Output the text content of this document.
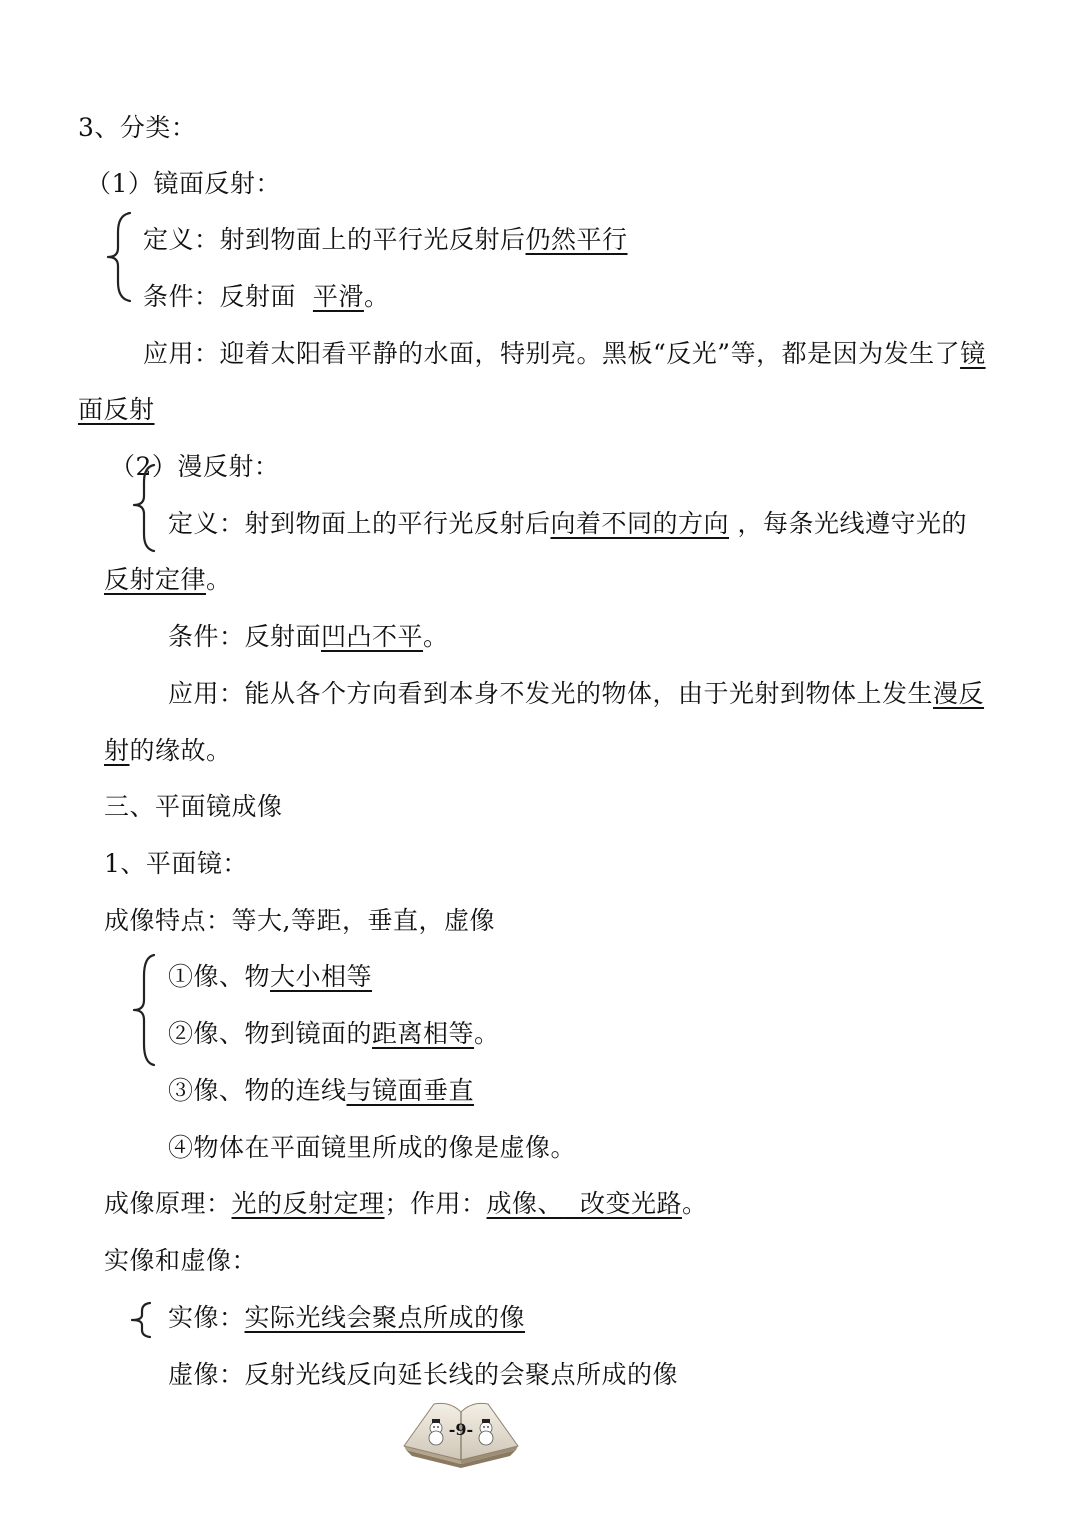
3、分类：
（1）镜面反射：
定义：射到物面上的平行光反射后仍然平行
条件：反射面 平滑。
应用：迎着太阳看平静的水面，特别亮。黑板“反光”等，都是因为发生了镜
面反射
（2）漫反射：
定义：射到物面上的平行光反射后向着不同的方向 ，每条光线遵守光的
反射定律。
条件：反射面凹凸不平。
应用：能从各个方向看到本身不发光的物体，由于光射到物体上发生漫反
射的缘故。
三、平面镜成像
1、平面镜：
成像特点：等大,等距，垂直，虚像
①像、物大小相等
②像、物到镜面的距离相等。
③像、物的连线与镜面垂直
④物体在平面镜里所成的像是虚像。
成像原理：光的反射定理；作用：成像、 改变光路。
实像和虚像：
实像：实际光线会聚点所成的像
虚像：反射光线反向延长线的会聚点所成的像
-9-
